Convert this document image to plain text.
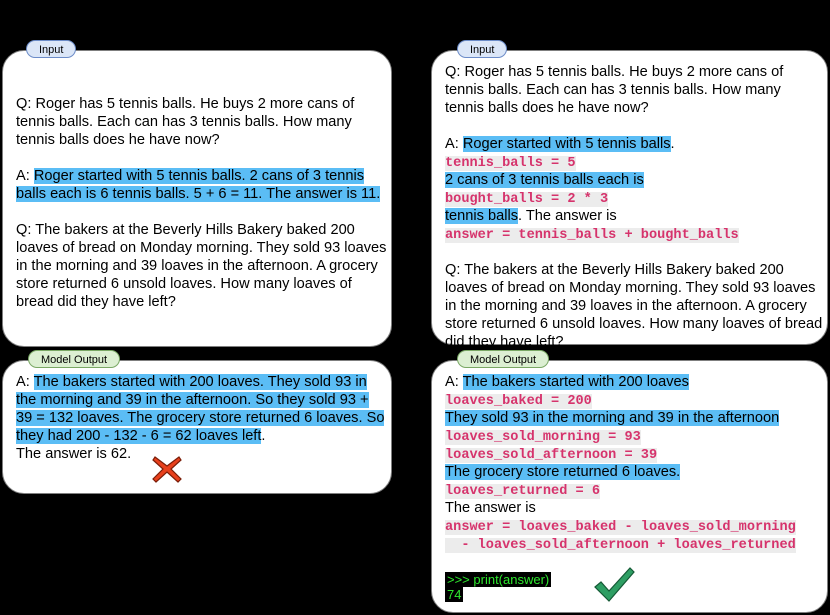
Input
Q: Roger has 5 tennis balls. He buys 2 more cans of
tennis balls. Each can has 3 tennis balls. How many
tennis balls does he have now?
A: Roger started with 5 tennis balls. 2 cans of 3 tennis
balls each is 6 tennis balls. 5 + 6 = 11. The answer is 11.
Q: The bakers at the Beverly Hills Bakery baked 200
loaves of bread on Monday morning. They sold 93 loaves
in the morning and 39 loaves in the afternoon. A grocery
store returned 6 unsold loaves. How many loaves of
bread did they have left?
Model Output
A: The bakers started with 200 loaves. They sold 93 in
the morning and 39 in the afternoon. So they sold 93 +
39 = 132 loaves. The grocery store returned 6 loaves. So
they had 200 - 132 - 6 = 62 loaves left.
The answer is 62.
Input
Q: Roger has 5 tennis balls. He buys 2 more cans of
tennis balls. Each can has 3 tennis balls. How many
tennis balls does he have now?
A: Roger started with 5 tennis balls.
tennis_balls = 5
2 cans of 3 tennis balls each is
bought_balls = 2 * 3
tennis balls. The answer is
answer = tennis_balls + bought_balls
Q: The bakers at the Beverly Hills Bakery baked 200
loaves of bread on Monday morning. They sold 93 loaves
in the morning and 39 loaves in the afternoon. A grocery
store returned 6 unsold loaves. How many loaves of bread
did they have left?
Model Output
A: The bakers started with 200 loaves
loaves_baked = 200
They sold 93 in the morning and 39 in the afternoon
loaves_sold_morning = 93
loaves_sold_afternoon = 39
The grocery store returned 6 loaves.
loaves_returned = 6
The answer is
answer = loaves_baked - loaves_sold_morning
- loaves_sold_afternoon + loaves_returned
>>> print(answer)
74
